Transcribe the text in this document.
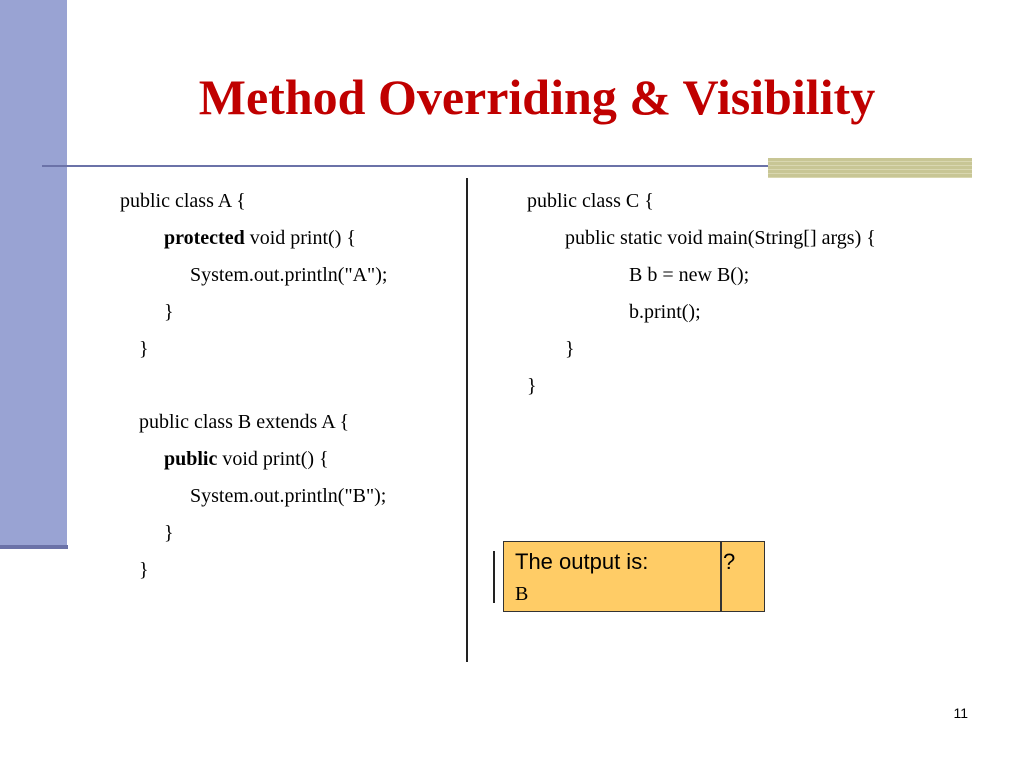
Method Overriding & Visibility
public class A {
protected void print() {
System.out.println("A");
}
}
public class B extends A {
public void print() {
System.out.println("B");
}
}
public class C {
public static void main(String[] args) {
B b = new B();
b.print();
}
}
The output is:	?
B
11
